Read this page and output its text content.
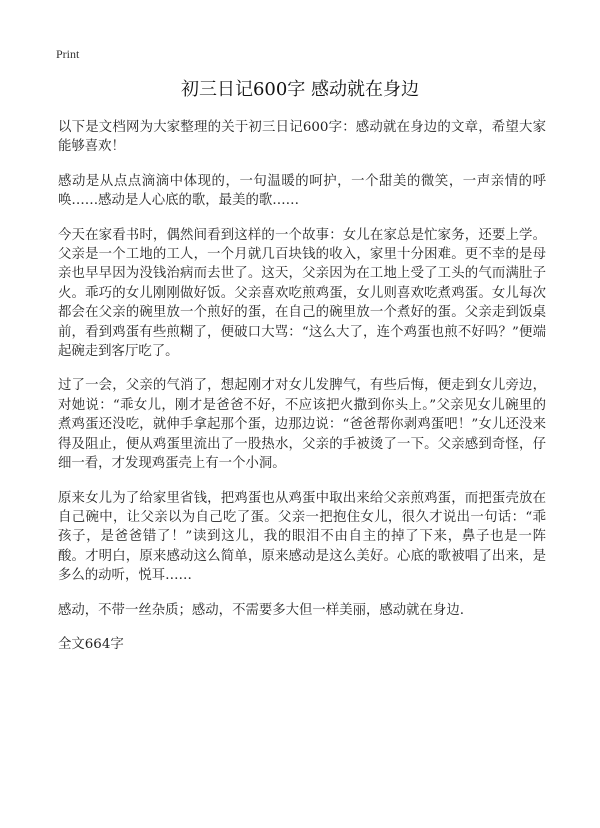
Print
初三日记600字 感动就在身边

以下是文档网为大家整理的关于初三日记600字：感动就在身边的文章，希望大家能够喜欢！

感动是从点点滴滴中体现的，一句温暖的呵护，一个甜美的微笑，一声亲情的呼唤……感动是人心底的歌，最美的歌……

今天在家看书时，偶然间看到这样的一个故事：女儿在家总是忙家务，还要上学。父亲是一个工地的工人，一个月就几百块钱的收入，家里十分困难。更不幸的是母亲也早早因为没钱治病而去世了。这天，父亲因为在工地上受了工头的气而满肚子火。乖巧的女儿刚刚做好饭。父亲喜欢吃煎鸡蛋，女儿则喜欢吃煮鸡蛋。女儿每次都会在父亲的碗里放一个煎好的蛋，在自己的碗里放一个煮好的蛋。父亲走到饭桌前，看到鸡蛋有些煎糊了，便破口大骂：“这么大了，连个鸡蛋也煎不好吗？”便端起碗走到客厅吃了。

过了一会，父亲的气消了，想起刚才对女儿发脾气，有些后悔，便走到女儿旁边，对她说：“乖女儿，刚才是爸爸不好，不应该把火撒到你头上。”父亲见女儿碗里的煮鸡蛋还没吃，就伸手拿起那个蛋，边那边说：“爸爸帮你剥鸡蛋吧！”女儿还没来得及阻止，便从鸡蛋里流出了一股热水，父亲的手被烫了一下。父亲感到奇怪，仔细一看，才发现鸡蛋壳上有一个小洞。

原来女儿为了给家里省钱，把鸡蛋也从鸡蛋中取出来给父亲煎鸡蛋，而把蛋壳放在自己碗中，让父亲以为自己吃了蛋。父亲一把抱住女儿，很久才说出一句话：“乖孩子，是爸爸错了！”读到这儿，我的眼泪不由自主的掉了下来，鼻子也是一阵酸。才明白，原来感动这么简单，原来感动是这么美好。心底的歌被唱了出来，是多么的动听，悦耳……

感动，不带一丝杂质；感动，不需要多大但一样美丽，感动就在身边.

全文664字
